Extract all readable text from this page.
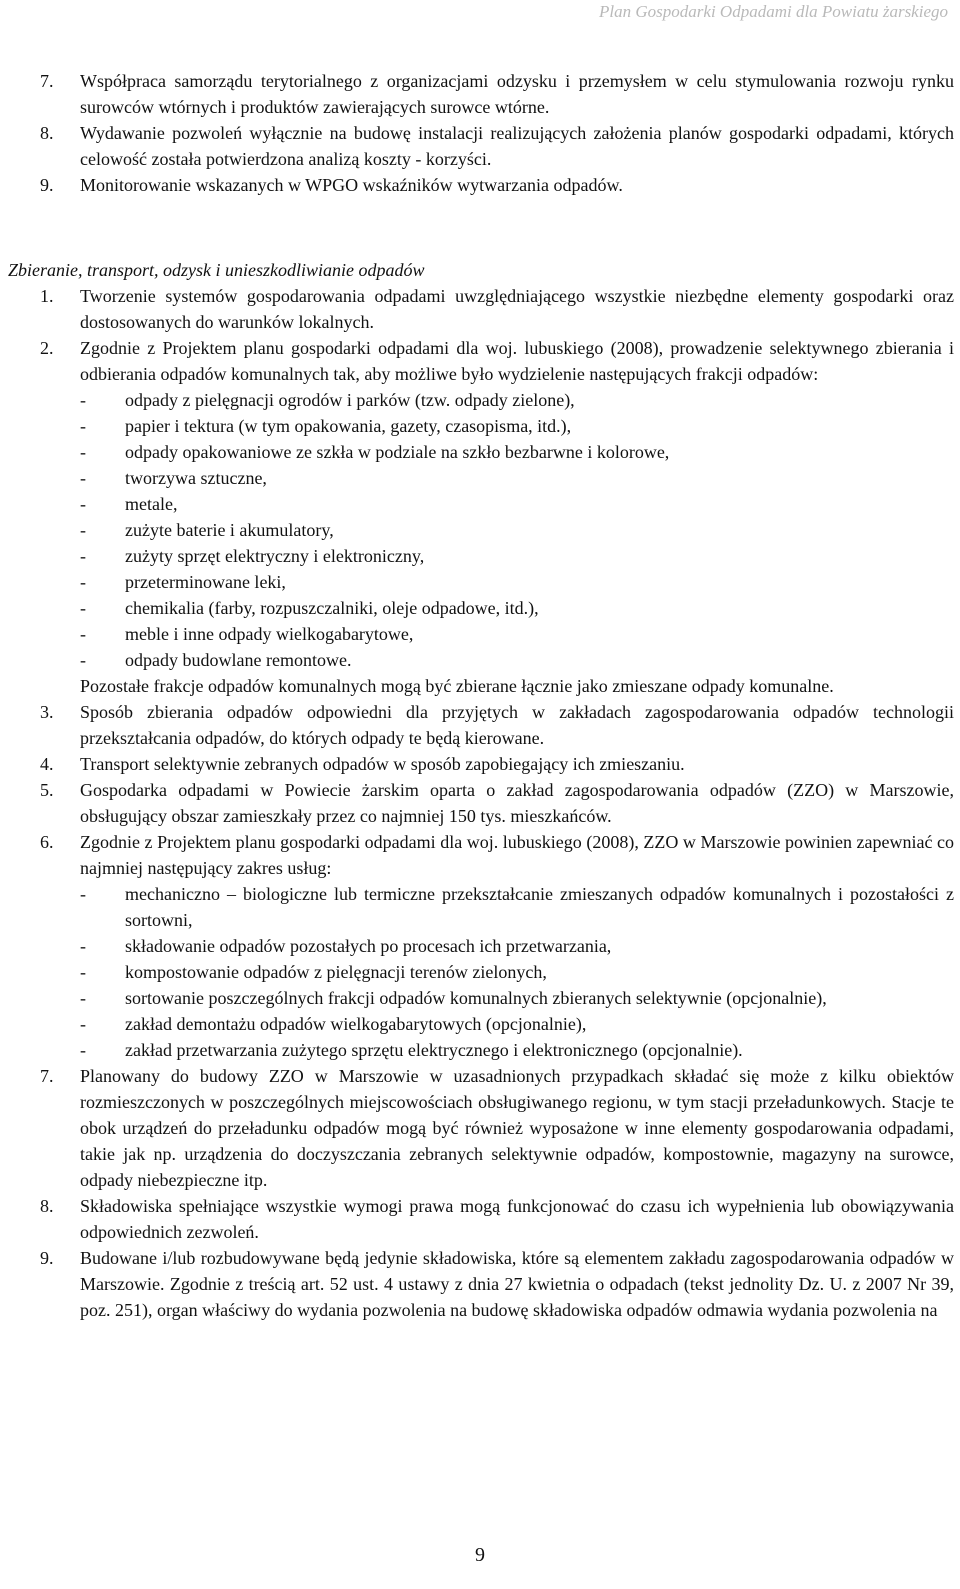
Plan Gospodarki Odpadami dla Powiatu żarskiego
7. Współpraca samorządu terytorialnego z organizacjami odzysku i przemysłem w celu stymulowania rozwoju rynku surowców wtórnych i produktów zawierających surowce wtórne.
8. Wydawanie pozwoleń wyłącznie na budowę instalacji realizujących założenia planów gospodarki odpadami, których celowość została potwierdzona analizą koszty - korzyści.
9. Monitorowanie wskazanych w WPGO wskaźników wytwarzania odpadów.
Zbieranie, transport, odzysk i unieszkodliwianie odpadów
1. Tworzenie systemów gospodarowania odpadami uwzględniającego wszystkie niezbędne elementy gospodarki oraz dostosowanych do warunków lokalnych.
2. Zgodnie z Projektem planu gospodarki odpadami dla woj. lubuskiego (2008), prowadzenie selektywnego zbierania i odbierania odpadów komunalnych tak, aby możliwe było wydzielenie następujących frakcji odpadów:
- odpady z pielęgnacji ogrodów i parków (tzw. odpady zielone),
- papier i tektura (w tym opakowania, gazety, czasopisma, itd.),
- odpady opakowaniowe ze szkła w podziale na szkło bezbarwne i kolorowe,
- tworzywa sztuczne,
- metale,
- zużyte baterie i akumulatory,
- zużyty sprzęt elektryczny i elektroniczny,
- przeterminowane leki,
- chemikalia (farby, rozpuszczalniki, oleje odpadowe, itd.),
- meble i inne odpady wielkogabarytowe,
- odpady budowlane remontowe.
Pozostałe frakcje odpadów komunalnych mogą być zbierane łącznie jako zmieszane odpady komunalne.
3. Sposób zbierania odpadów odpowiedni dla przyjętych w zakładach zagospodarowania odpadów technologii przekształcania odpadów, do których odpady te będą kierowane.
4. Transport selektywnie zebranych odpadów w sposób zapobiegający ich zmieszaniu.
5. Gospodarka odpadami w Powiecie żarskim oparta o zakład zagospodarowania odpadów (ZZO) w Marszowie, obsługujący obszar zamieszkały przez co najmniej 150 tys. mieszkańców.
6. Zgodnie z Projektem planu gospodarki odpadami dla woj. lubuskiego (2008), ZZO w Marszowie powinien zapewniać co najmniej następujący zakres usług:
- mechaniczno – biologiczne lub termiczne przekształcanie zmieszanych odpadów komunalnych i pozostałości z sortowni,
- składowanie odpadów pozostałych po procesach ich przetwarzania,
- kompostowanie odpadów z pielęgnacji terenów zielonych,
- sortowanie poszczególnych frakcji odpadów komunalnych zbieranych selektywnie (opcjonalnie),
- zakład demontażu odpadów wielkogabarytowych (opcjonalnie),
- zakład przetwarzania zużytego sprzętu elektrycznego i elektronicznego (opcjonalnie).
7. Planowany do budowy ZZO w Marszowie w uzasadnionych przypadkach składać się może z kilku obiektów rozmieszczonych w poszczególnych miejscowościach obsługiwanego regionu, w tym stacji przeładunkowych. Stacje te obok urządzeń do przeładunku odpadów mogą być również wyposażone w inne elementy gospodarowania odpadami, takie jak np. urządzenia do doczyszczania zebranych selektywnie odpadów, kompostownie, magazyny na surowce, odpady niebezpieczne itp.
8. Składowiska spełniające wszystkie wymogi prawa mogą funkcjonować do czasu ich wypełnienia lub obowiązywania odpowiednich zezwoleń.
9. Budowane i/lub rozbudowywane będą jedynie składowiska, które są elementem zakładu zagospodarowania odpadów w Marszowie. Zgodnie z treścią art. 52 ust. 4 ustawy z dnia 27 kwietnia o odpadach (tekst jednolity Dz. U. z 2007 Nr 39, poz. 251), organ właściwy do wydania pozwolenia na budowę składowiska odpadów odmawia wydania pozwolenia na
9
